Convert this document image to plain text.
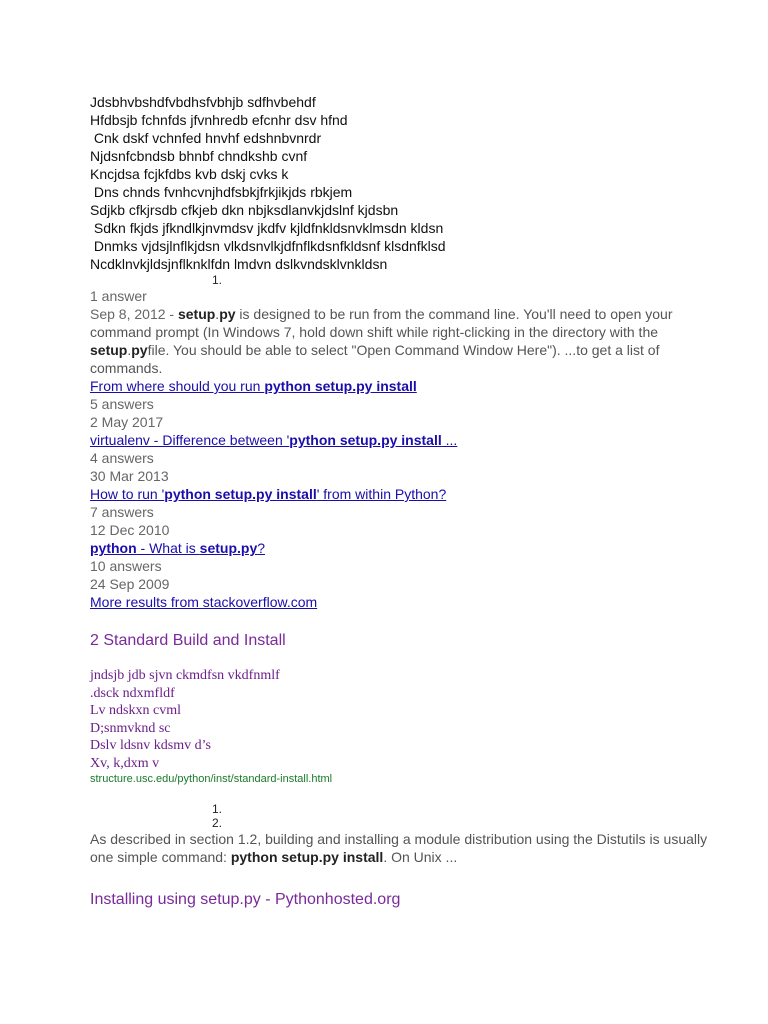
Jdsbhvbshdfvbdhsfvbhjb sdfhvbehdf
Hfdbsjb fchnfds jfvnhredb efcnhr dsv hfnd
Cnk dskf vchnfed hnvhf edshnbvnrdr
Njdsnfcbndsb bhnbf chndkshb cvnf
Kncjdsa fcjkfdbs kvb dskj cvks k
Dns chnds fvnhcvnjhdfsbkjfrkjikjds rbkjem
Sdjkb cfkjrsdb cfkjeb dkn nbjksdlanvkjdslnf kjdsbn
Sdkn fkjds jfkndlkjnvmdsv jkdfv kjldfnkldsnvklmsdn kldsn
Dnmks vjdsjlnflkjdsn vlkdsnvlkjdfnflkdsnfkldsnf klsdnfklsd
Ncdklnvkjldsjnflknklfdn lmdvn dslkvndsklvnkldsn
1.
1 answer
Sep 8, 2012 - setup.py is designed to be run from the command line. You'll need to open your command prompt (In Windows 7, hold down shift while right-clicking in the directory with the setup.pyfile. You should be able to select "Open Command Window Here"). ...to get a list of commands.
From where should you run python setup.py install
5 answers
2 May 2017
virtualenv - Difference between 'python setup.py install ...
4 answers
30 Mar 2013
How to run 'python setup.py install' from within Python?
7 answers
12 Dec 2010
python - What is setup.py?
10 answers
24 Sep 2009
More results from stackoverflow.com
2 Standard Build and Install
jndsjb jdb sjvn ckmdfsn vkdfnmlf
.dsck ndxmfldf
Lv ndskxn cvml
D;snmvknd sc
Dslv ldsnv kdsmv d’s
Xv, k,dxm v
structure.usc.edu/python/inst/standard-install.html
1.
2.
As described in section 1.2, building and installing a module distribution using the Distutils is usually one simple command: python setup.py install. On Unix ...
Installing using setup.py - Pythonhosted.org
